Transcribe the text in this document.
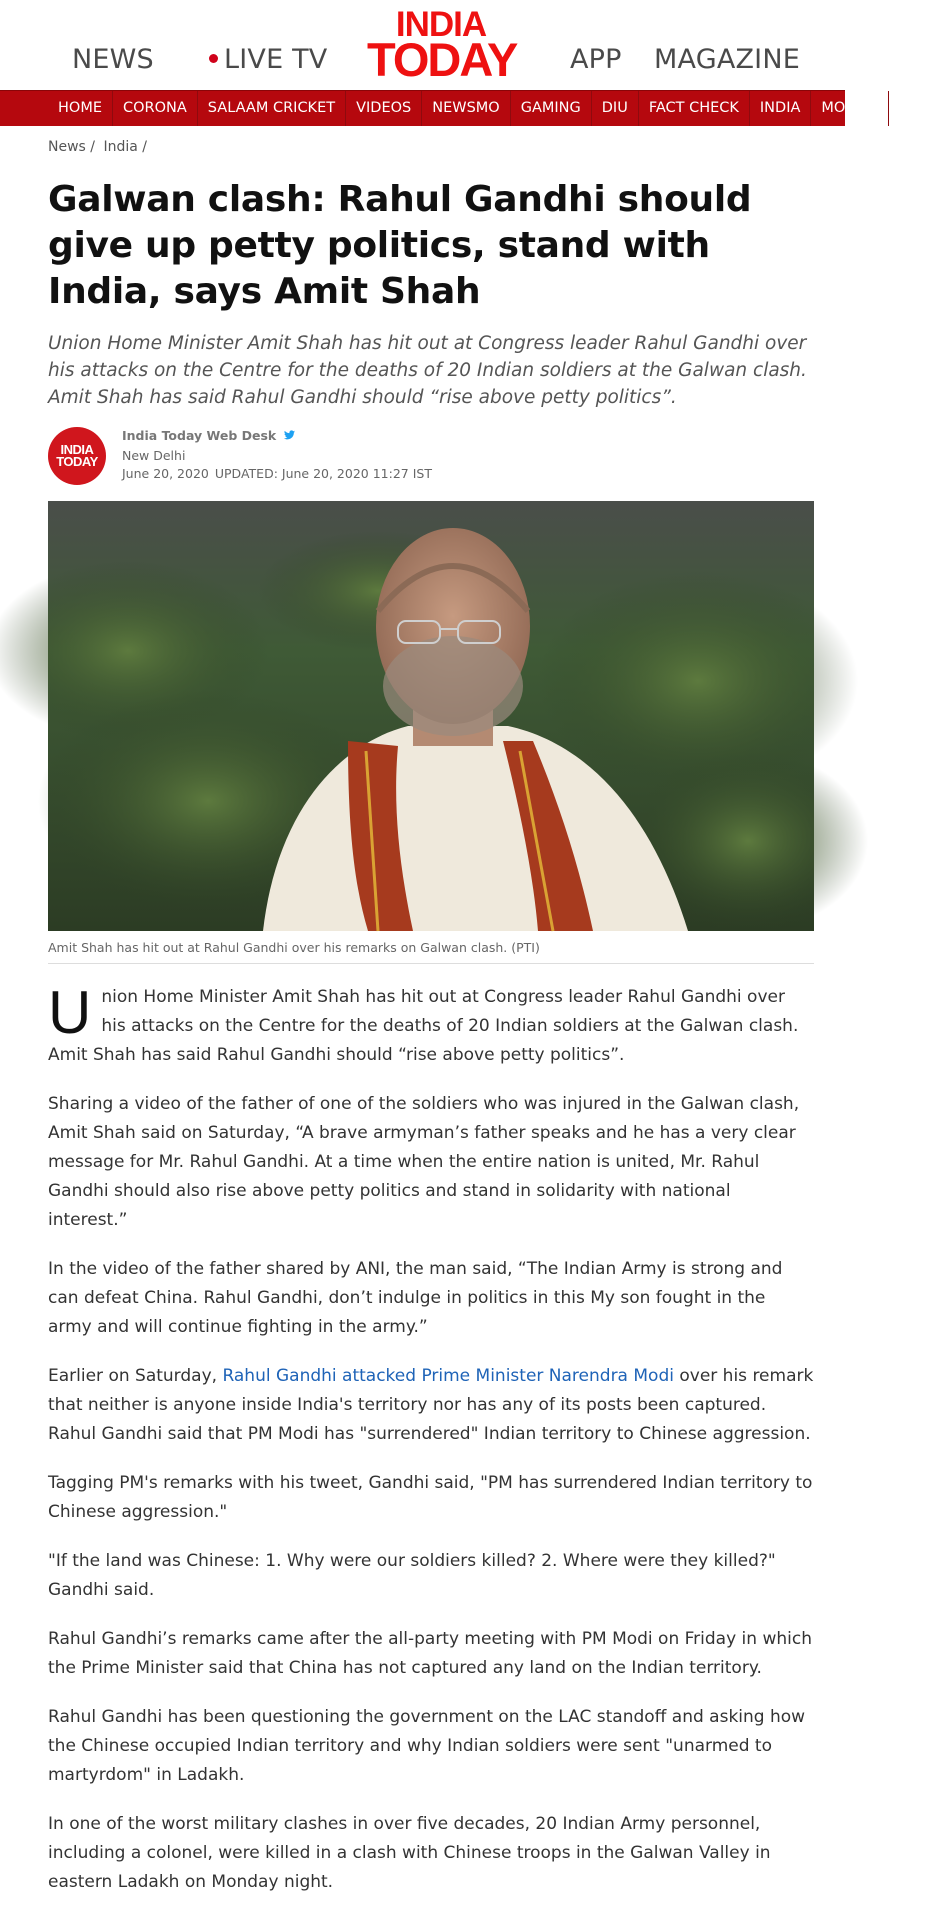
NEWS	LIVE TV
INDIA
TODAY APP MAGAZINE
HOME	CORONA	SALAAM CRICKET	VIDEOS	NEWSMO	GAMING	DIU	FACT CHECK	INDIA	MOVIES	TR
News / India /
Galwan clash: Rahul Gandhi should give up petty politics, stand with India, says Amit Shah

Union Home Minister Amit Shah has hit out at Congress leader Rahul Gandhi over his attacks on the Centre for the deaths of 20 Indian soldiers at the Galwan clash. Amit Shah has said Rahul Gandhi should “rise above petty politics”.

INDIA
TODAY
India Today Web Desk
New Delhi
June 20, 2020 UPDATED: June 20, 2020 11:27 IST
Amit Shah has hit out at Rahul Gandhi over his remarks on Galwan clash. (PTI)

Union Home Minister Amit Shah has hit out at Congress leader Rahul Gandhi over his attacks on the Centre for the deaths of 20 Indian soldiers at the Galwan clash. Amit Shah has said Rahul Gandhi should “rise above petty politics”.

Sharing a video of the father of one of the soldiers who was injured in the Galwan clash, Amit Shah said on Saturday, “A brave armyman’s father speaks and he has a very clear message for Mr. Rahul Gandhi. At a time when the entire nation is united, Mr. Rahul Gandhi should also rise above petty politics and stand in solidarity with national interest.”

In the video of the father shared by ANI, the man said, “The Indian Army is strong and can defeat China. Rahul Gandhi, don’t indulge in politics in this My son fought in the army and will continue fighting in the army.”

Earlier on Saturday, Rahul Gandhi attacked Prime Minister Narendra Modi over his remark that neither is anyone inside India's territory nor has any of its posts been captured. Rahul Gandhi said that PM Modi has "surrendered" Indian territory to Chinese aggression.

Tagging PM's remarks with his tweet, Gandhi said, "PM has surrendered Indian territory to Chinese aggression."

"If the land was Chinese: 1. Why were our soldiers killed? 2. Where were they killed?" Gandhi said.

Rahul Gandhi’s remarks came after the all-party meeting with PM Modi on Friday in which the Prime Minister said that China has not captured any land on the Indian territory.

Rahul Gandhi has been questioning the government on the LAC standoff and asking how the Chinese occupied Indian territory and why Indian soldiers were sent "unarmed to martyrdom" in Ladakh.

In one of the worst military clashes in over five decades, 20 Indian Army personnel, including a colonel, were killed in a clash with Chinese troops in the Galwan Valley in eastern Ladakh on Monday night.
